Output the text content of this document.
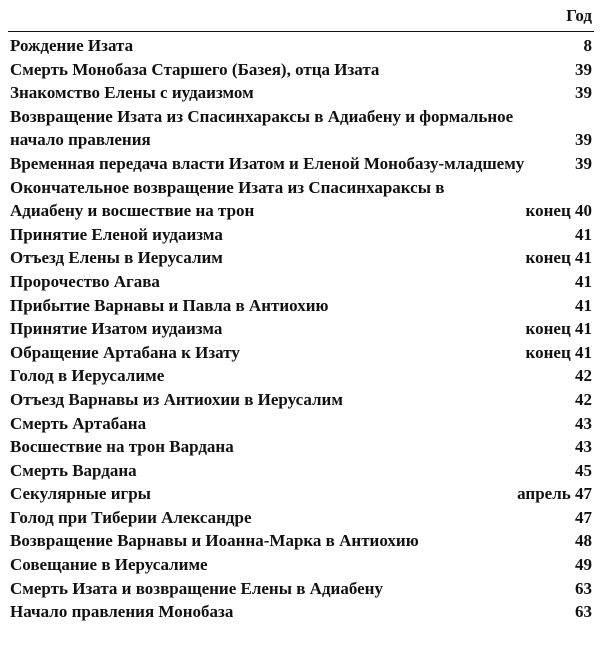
Год
Рождение Изата	8
Смерть Монобаза Старшего (Базея), отца Изата	39
Знакомство Елены с иудаизмом	39
Возвращение Изата из Спасинхараксы в Адиабену и формальное начало правления	39
Временная передача власти Изатом и Еленой Монобазу-младшему	39
Окончательное возвращение Изата из Спасинхараксы в Адиабену и восшествие на трон	конец 40
Принятие Еленой иудаизма	41
Отъезд Елены в Иерусалим	конец 41
Пророчество Агава	41
Прибытие Варнавы и Павла в Антиохию	41
Принятие Изатом иудаизма	конец 41
Обращение Артабана к Изату	конец 41
Голод в Иерусалиме	42
Отъезд Варнавы из Антиохии в Иерусалим	42
Смерть Артабана	43
Восшествие на трон Вардана	43
Смерть Вардана	45
Секулярные игры	апрель 47
Голод при Тиберии Александре	47
Возвращение Варнавы и Иоанна-Марка в Антиохию	48
Совещание в Иерусалиме	49
Смерть Изата и возвращение Елены в Адиабену	63
Начало правления Монобаза	63
